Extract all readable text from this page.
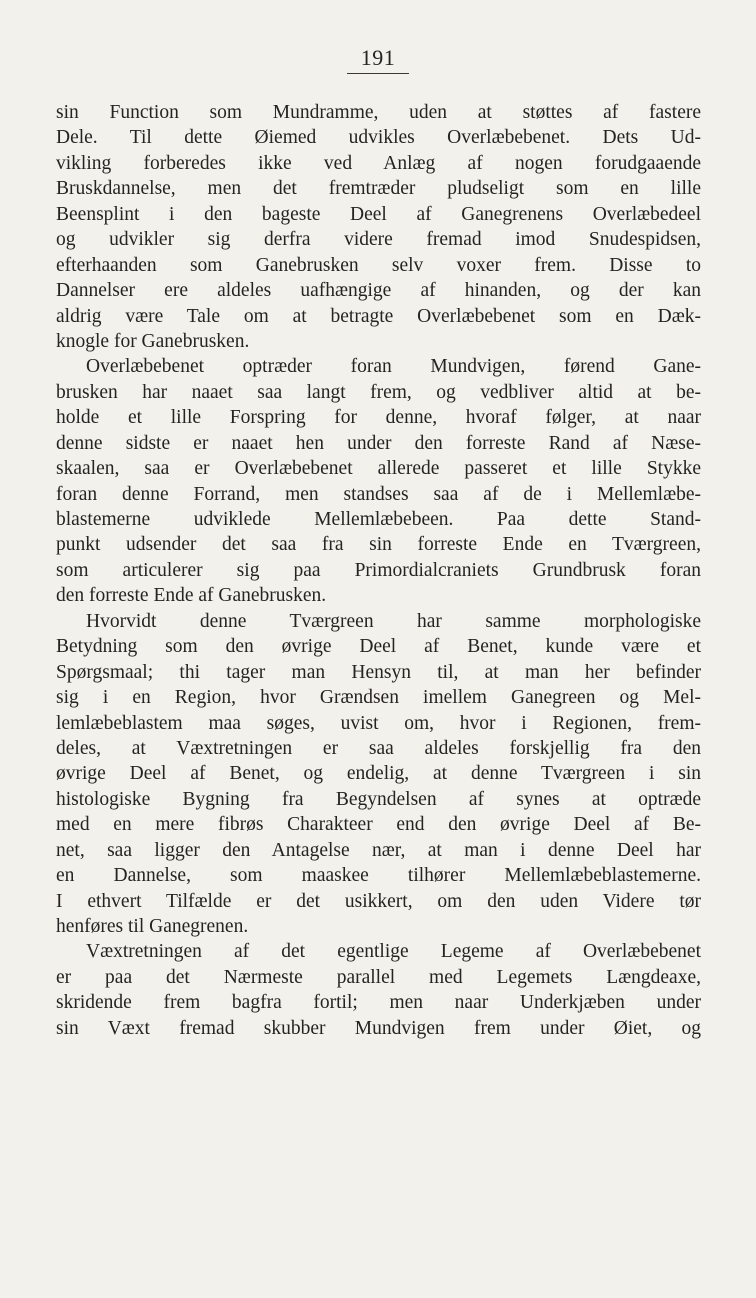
191
sin Function som Mundramme, uden at støttes af fastere
Dele. Til dette Øiemed udvikles Overlæbebenet. Dets Ud-
vikling forberedes ikke ved Anlæg af nogen forudgaaende
Bruskdannelse, men det fremtræder pludseligt som en lille
Beensplint i den bageste Deel af Ganegrenens Overlæbedeel
og udvikler sig derfra videre fremad imod Snudespidsen,
efterhaanden som Ganebrusken selv voxer frem. Disse to
Dannelser ere aldeles uafhængige af hinanden, og der kan
aldrig være Tale om at betragte Overlæbebenet som en Dæk-
knogle for Ganebrusken.
Overlæbebenet optræder foran Mundvigen, førend Gane-
brusken har naaet saa langt frem, og vedbliver altid at be-
holde et lille Forspring for denne, hvoraf følger, at naar
denne sidste er naaet hen under den forreste Rand af Næse-
skaalen, saa er Overlæbebenet allerede passeret et lille Stykke
foran denne Forrand, men standses saa af de i Mellemlæbe-
blastemerne udviklede Mellemlæbebeen. Paa dette Stand-
punkt udsender det saa fra sin forreste Ende en Tværgreen,
som articulerer sig paa Primordialcraniets Grundbrusk foran
den forreste Ende af Ganebrusken.
Hvorvidt denne Tværgreen har samme morphologiske
Betydning som den øvrige Deel af Benet, kunde være et
Spørgsmaal; thi tager man Hensyn til, at man her befinder
sig i en Region, hvor Grændsen imellem Ganegreen og Mel-
lemlæbeblastem maa søges, uvist om, hvor i Regionen, frem-
deles, at Væxtretningen er saa aldeles forskjellig fra den
øvrige Deel af Benet, og endelig, at denne Tværgreen i sin
histologiske Bygning fra Begyndelsen af synes at optræde
med en mere fibrøs Charakteer end den øvrige Deel af Be-
net, saa ligger den Antagelse nær, at man i denne Deel har
en Dannelse, som maaskee tilhører Mellemlæbeblastemerne.
I ethvert Tilfælde er det usikkert, om den uden Videre tør
henføres til Ganegrenen.
Væxtretningen af det egentlige Legeme af Overlæbebenet
er paa det Nærmeste parallel med Legemets Længdeaxe,
skridende frem bagfra fortil; men naar Underkjæben under
sin Væxt fremad skubber Mundvigen frem under Øiet, og
